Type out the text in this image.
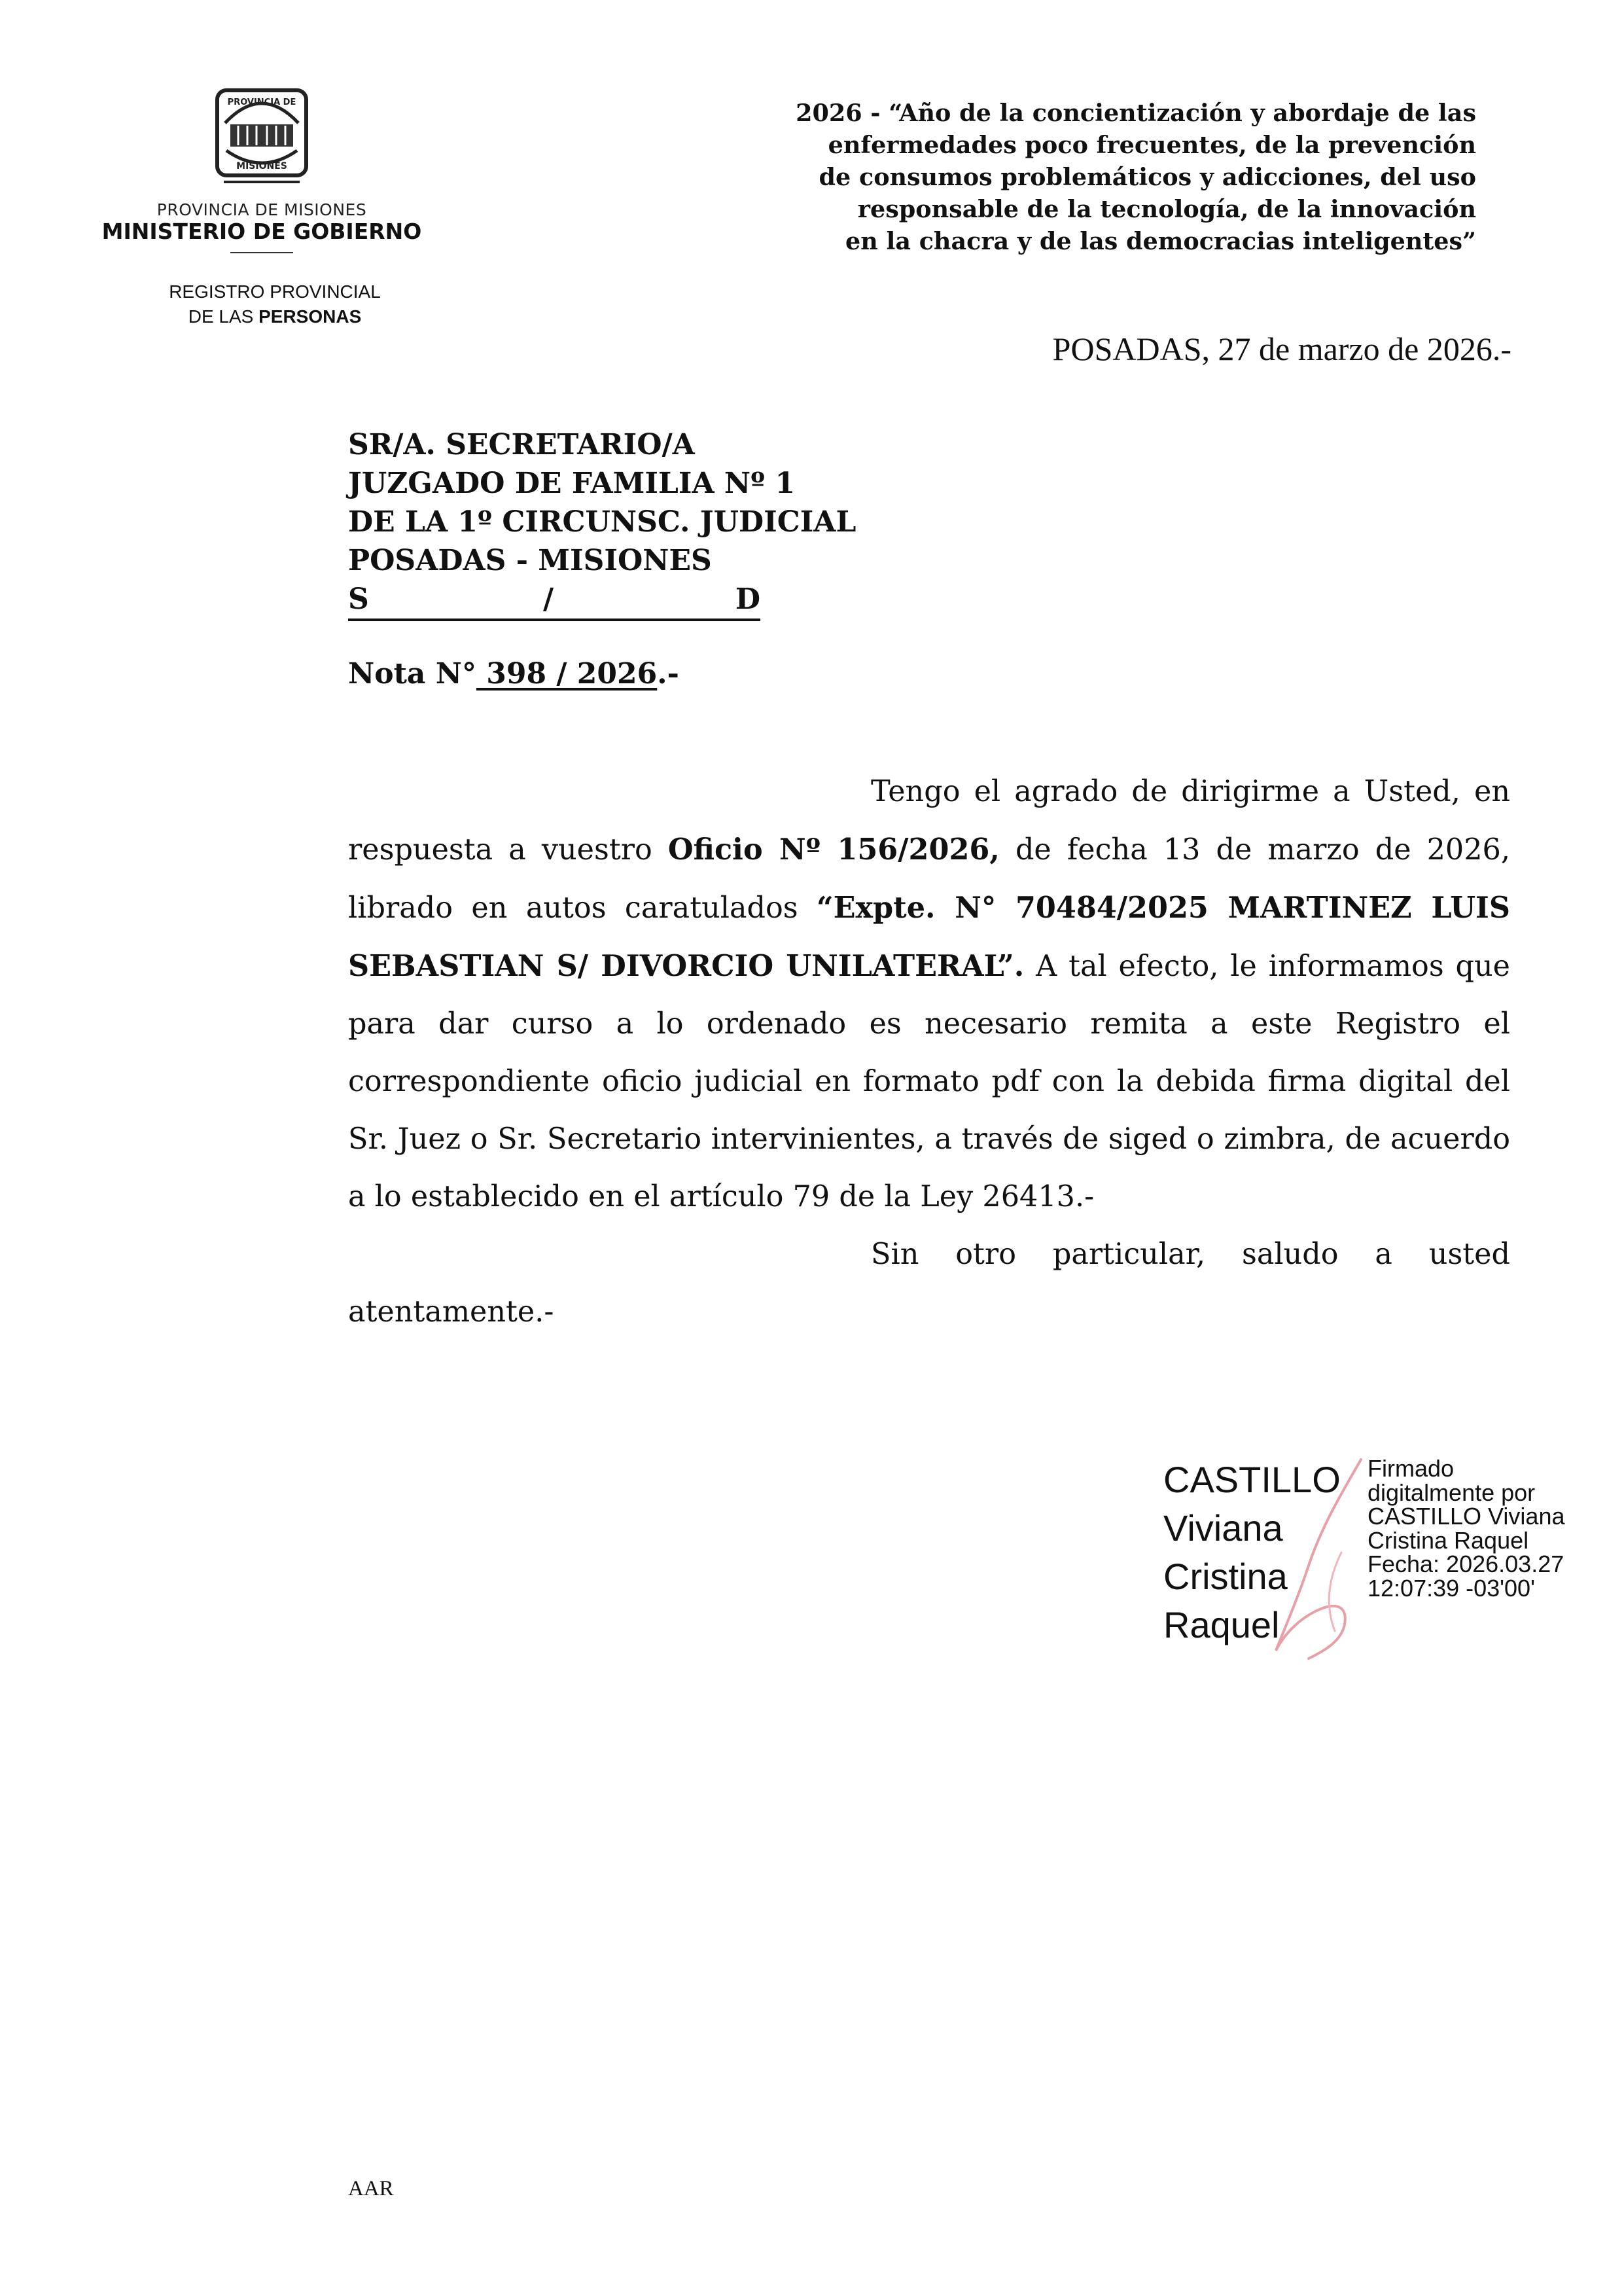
PROVINCIA DE
MISIONES
PROVINCIA DE MISIONES
MINISTERIO DE GOBIERNO
REGISTRO PROVINCIAL
DE LAS PERSONAS
2026 - “Año de la concientización y abordaje de las
enfermedades poco frecuentes, de la prevención
de consumos problemáticos y adicciones, del uso
responsable de la tecnología, de la innovación
en la chacra y de las democracias inteligentes”
POSADAS, 27 de marzo de 2026.-
SR/A. SECRETARIO/A
JUZGADO DE FAMILIA Nº 1
DE LA 1º CIRCUNSC. JUDICIAL
POSADAS - MISIONES
S	/	D
Nota N° 398 / 2026.-

Tengo el agrado de dirigirme a Usted, en respuesta a vuestro Oficio Nº 156/2026, de fecha 13 de marzo de 2026, librado en autos caratulados “Expte. N° 70484/2025 MARTINEZ LUIS SEBASTIAN S/ DIVORCIO UNILATERAL”. A tal efecto, le informamos que para dar curso a lo ordenado es necesario remita a este Registro el correspondiente oficio judicial en formato pdf con la debida firma digital del Sr. Juez o Sr. Secretario intervinientes, a través de siged o zimbra, de acuerdo a lo establecido en el artículo 79 de la Ley 26413.-

Sin otro particular, saludo a usted atentamente.-

CASTILLO
Viviana
Cristina
Raquel
Firmado
digitalmente por
CASTILLO Viviana
Cristina Raquel
Fecha: 2026.03.27
12:07:39 -03'00'
AAR
